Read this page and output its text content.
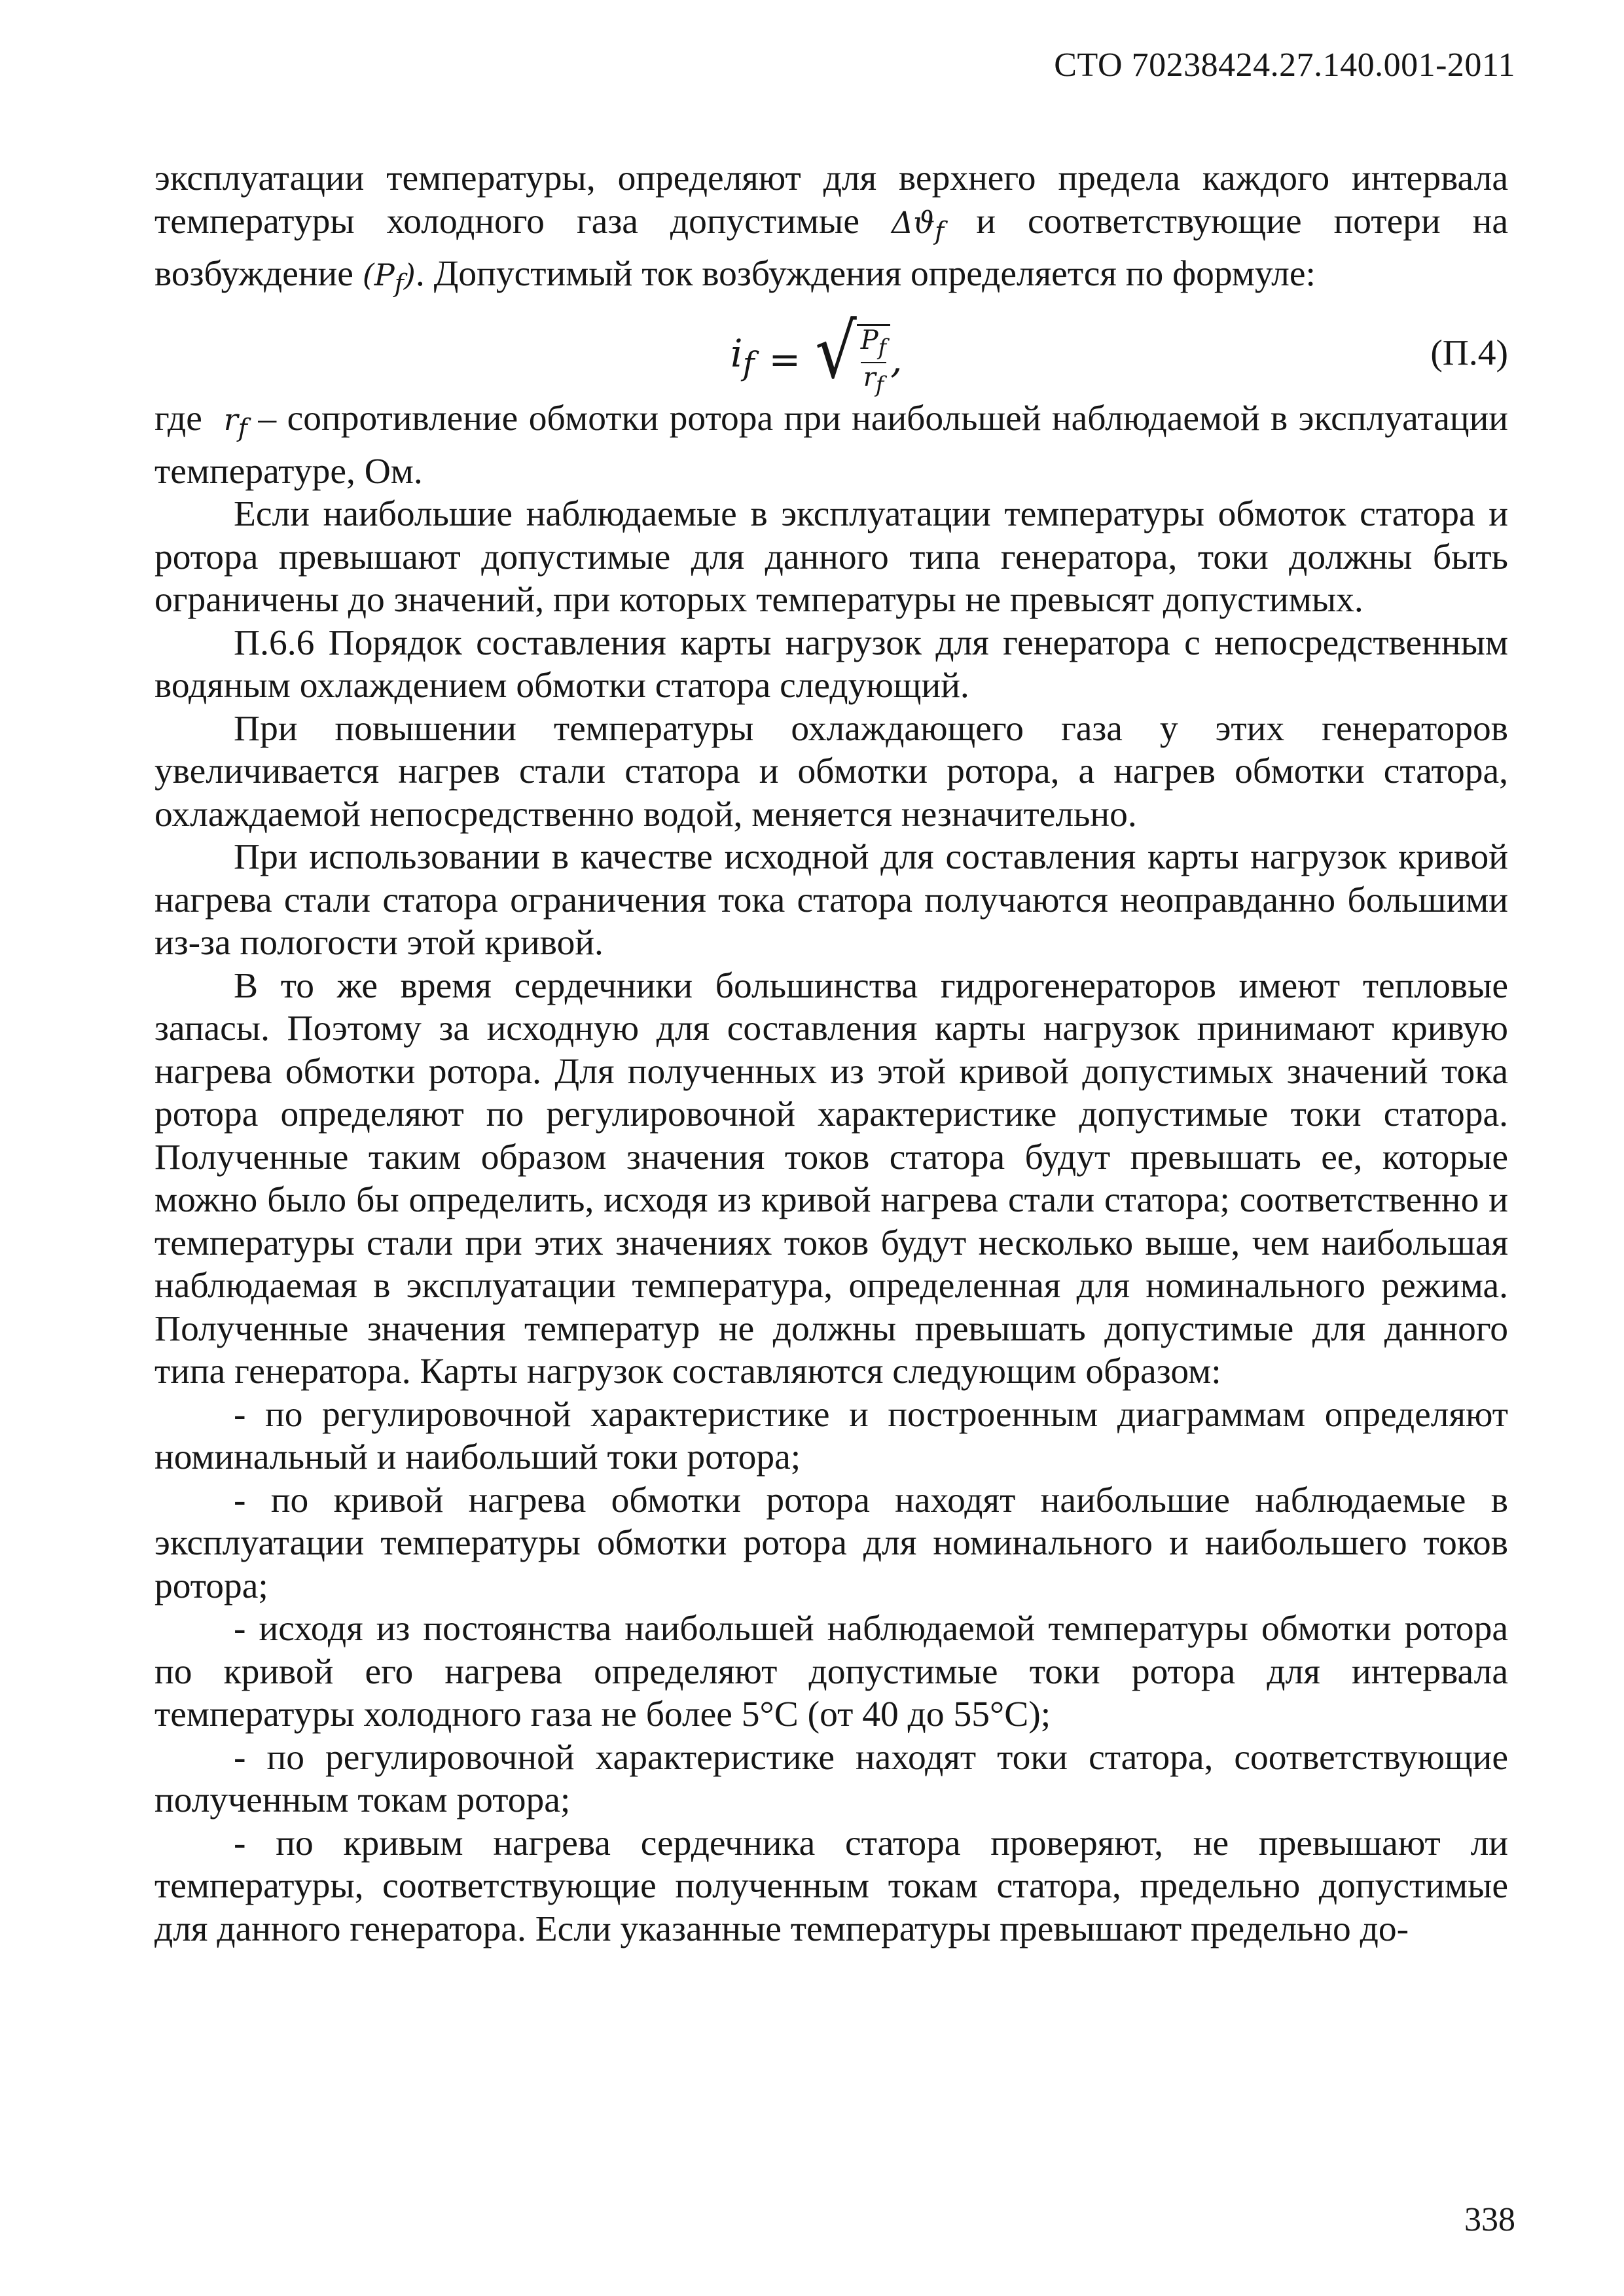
СТО 70238424.27.140.001-2011

эксплуатации температуры, определяют для верхнего предела каждого интервала температуры холодного газа допустимые $\Delta ϑ_f$ и соответствующие потери на возбуждение $(P_f)$. Допустимый ток возбуждения определяется по формуле:

$i_f$ = √ $\frac{P_f}{r_f}$ ,	(П.4)

где $r_f$ – сопротивление обмотки ротора при наибольшей наблюдаемой в эксплуатации температуре, Ом.

Если наибольшие наблюдаемые в эксплуатации температуры обмоток статора и ротора превышают допустимые для данного типа генератора, токи должны быть ограничены до значений, при которых температуры не превысят допустимых.

П.6.6 Порядок составления карты нагрузок для генератора с непосредственным водяным охлаждением обмотки статора следующий.

При повышении температуры охлаждающего газа у этих генераторов увеличивается нагрев стали статора и обмотки ротора, а нагрев обмотки статора, охлаждаемой непосредственно водой, меняется незначительно.

При использовании в качестве исходной для составления карты нагрузок кривой нагрева стали статора ограничения тока статора получаются неоправданно большими из-за пологости этой кривой.

В то же время сердечники большинства гидрогенераторов имеют тепловые запасы. Поэтому за исходную для составления карты нагрузок принимают кривую нагрева обмотки ротора. Для полученных из этой кривой допустимых значений тока ротора определяют по регулировочной характеристике допустимые токи статора. Полученные таким образом значения токов статора будут превышать ее, которые можно было бы определить, исходя из кривой нагрева стали статора; соответственно и температуры стали при этих значениях токов будут несколько выше, чем наибольшая наблюдаемая в эксплуатации температура, определенная для номинального режима. Полученные значения температур не должны превышать допустимые для данного типа генератора. Карты нагрузок составляются следующим образом:

- по регулировочной характеристике и построенным диаграммам определяют номинальный и наибольший токи ротора;

- по кривой нагрева обмотки ротора находят наибольшие наблюдаемые в эксплуатации температуры обмотки ротора для номинального и наибольшего токов ротора;

- исходя из постоянства наибольшей наблюдаемой температуры обмотки ротора по кривой его нагрева определяют допустимые токи ротора для интервала температуры холодного газа не более 5°С (от 40 до 55°С);

- по регулировочной характеристике находят токи статора, соответствующие полученным токам ротора;

- по кривым нагрева сердечника статора проверяют, не превышают ли температуры, соответствующие полученным токам статора, предельно допустимые для данного генератора. Если указанные температуры превышают предельно до-

338
